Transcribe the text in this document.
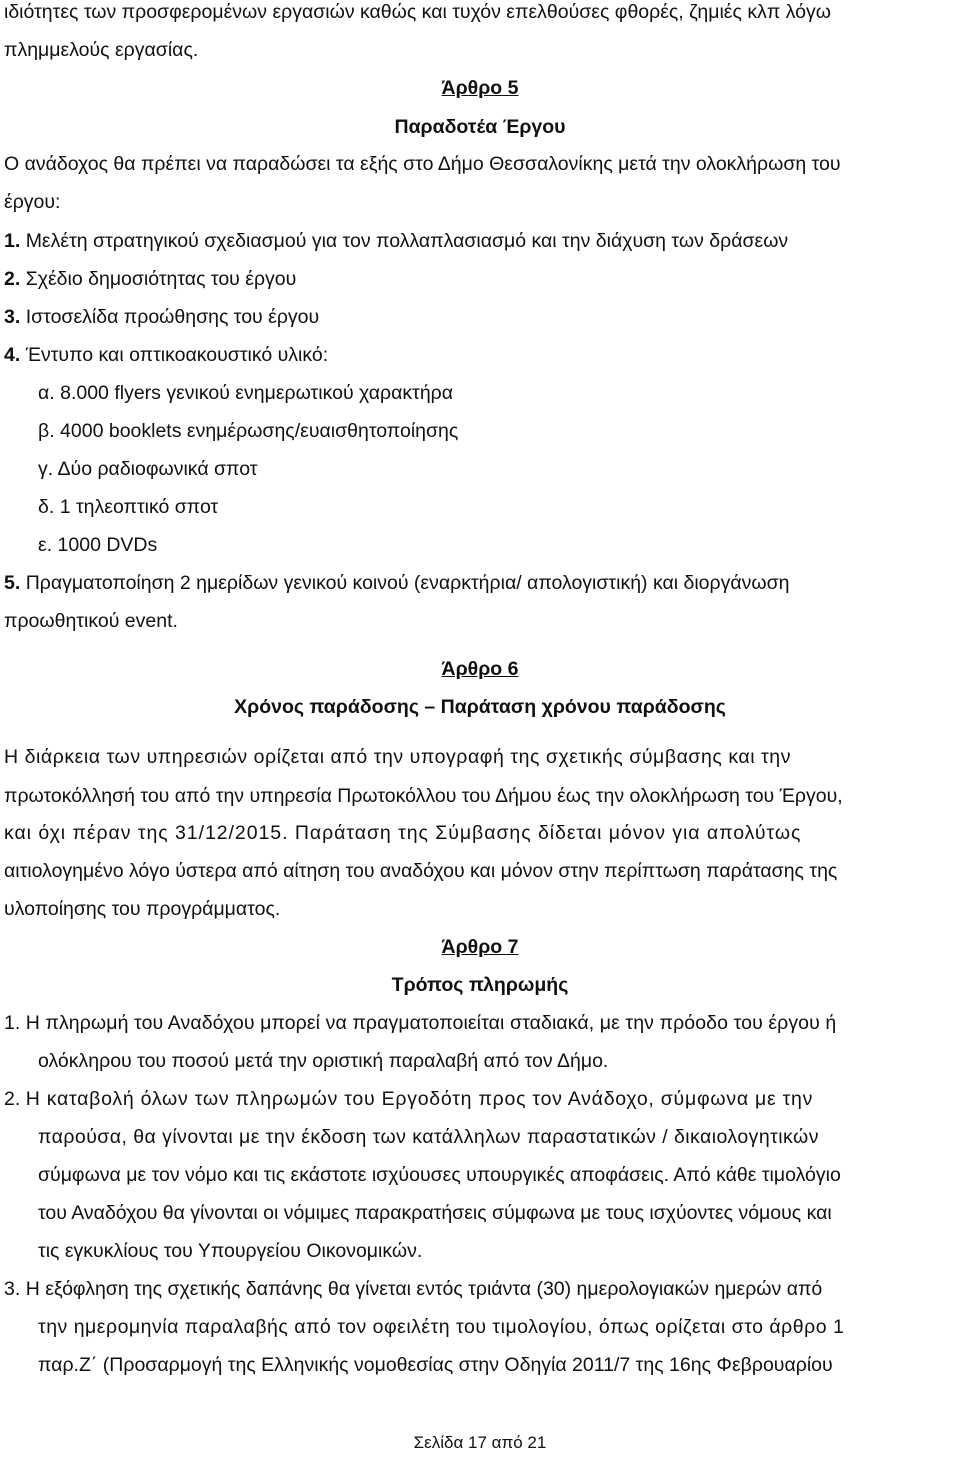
ιδιότητες των προσφερομένων εργασιών καθώς και τυχόν επελθούσες φθορές, ζημιές κλπ λόγω
πλημμελούς εργασίας.
Άρθρο 5
Παραδοτέα Έργου
Ο ανάδοχος θα πρέπει να παραδώσει τα εξής στο Δήμο Θεσσαλονίκης μετά την ολοκλήρωση του
έργου:
1. Μελέτη στρατηγικού σχεδιασμού για τον πολλαπλασιασμό και την διάχυση των δράσεων
2. Σχέδιο δημοσιότητας του έργου
3. Ιστοσελίδα προώθησης του έργου
4. Έντυπο και οπτικοακουστικό υλικό:
α. 8.000 flyers γενικού ενημερωτικού χαρακτήρα
β. 4000 booklets ενημέρωσης/ευαισθητοποίησης
γ. Δύο ραδιοφωνικά σποτ
δ. 1 τηλεοπτικό σποτ
ε. 1000 DVDs
5. Πραγματοποίηση 2 ημερίδων γενικού κοινού (εναρκτήρια/ απολογιστική) και διοργάνωση
προωθητικού event.
Άρθρο 6
Χρόνος παράδοσης – Παράταση χρόνου παράδοσης
Η διάρκεια των υπηρεσιών ορίζεται από την υπογραφή της σχετικής σύμβασης και την
πρωτοκόλλησή του από την υπηρεσία Πρωτοκόλλου του Δήμου έως την ολοκλήρωση του Έργου,
και όχι πέραν της 31/12/2015. Παράταση της Σύμβασης δίδεται μόνον για απολύτως
αιτιολογημένο λόγο ύστερα από αίτηση του αναδόχου και μόνον στην περίπτωση παράτασης της
υλοποίησης του προγράμματος.
Άρθρο 7
Τρόπος πληρωμής
1. Η πληρωμή του Αναδόχου μπορεί να πραγματοποιείται σταδιακά, με την πρόοδο του έργου ή
ολόκληρου του ποσού μετά την οριστική παραλαβή από τον Δήμο.
2. Η καταβολή όλων των πληρωμών του Εργοδότη προς τον Ανάδοχο, σύμφωνα με την
παρούσα, θα γίνονται με την έκδοση των κατάλληλων παραστατικών / δικαιολογητικών
σύμφωνα με τον νόμο και τις εκάστοτε ισχύουσες υπουργικές αποφάσεις. Από κάθε τιμολόγιο
του Αναδόχου θα γίνονται οι νόμιμες παρακρατήσεις σύμφωνα με τους ισχύοντες νόμους και
τις εγκυκλίους του Υπουργείου Οικονομικών.
3. Η εξόφληση της σχετικής δαπάνης θα γίνεται εντός τριάντα (30) ημερολογιακών ημερών από
την ημερομηνία παραλαβής από τον οφειλέτη του τιμολογίου, όπως ορίζεται στο άρθρο 1
παρ.Ζ΄ (Προσαρμογή της Ελληνικής νομοθεσίας στην Οδηγία 2011/7 της 16ης Φεβρουαρίου
Σελίδα 17 από 21
